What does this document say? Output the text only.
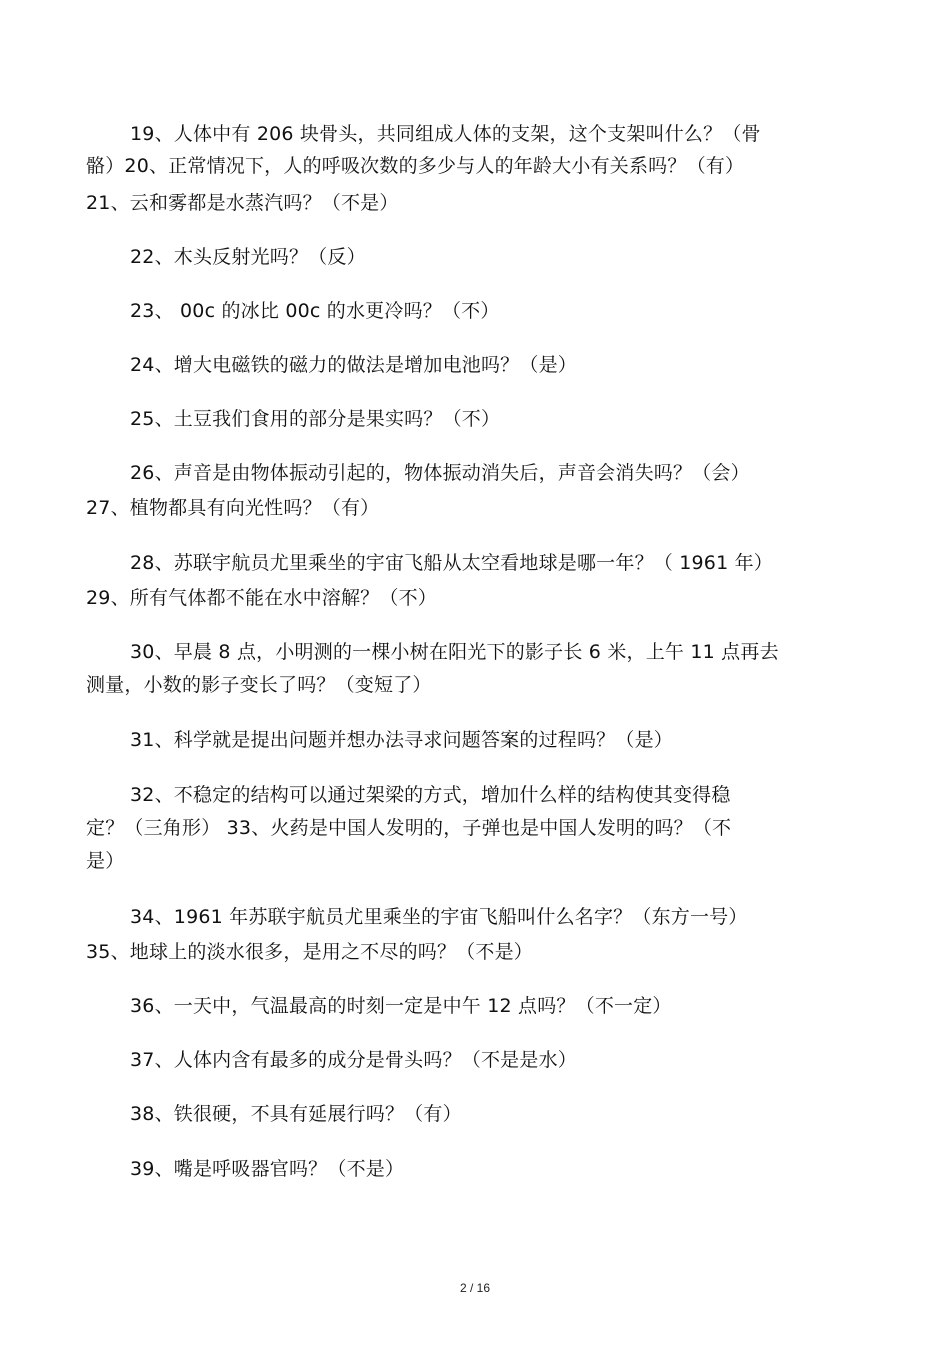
19、人体中有 206 块骨头，共同组成人体的支架，这个支架叫什么？（骨
骼）20、正常情况下，人的呼吸次数的多少与人的年龄大小有关系吗？（有）
21、云和雾都是水蒸汽吗？（不是）
22、木头反射光吗？（反）
23、 00c 的冰比 00c 的水更冷吗？（不）
24、增大电磁铁的磁力的做法是增加电池吗？（是）
25、土豆我们食用的部分是果实吗？（不）
26、声音是由物体振动引起的，物体振动消失后，声音会消失吗？（会）
27、植物都具有向光性吗？（有）
28、苏联宇航员尤里乘坐的宇宙飞船从太空看地球是哪一年？（ 1961 年）
29、所有气体都不能在水中溶解？（不）
30、早晨 8 点，小明测的一棵小树在阳光下的影子长 6 米，上午 11 点再去
测量，小数的影子变长了吗？（变短了）
31、科学就是提出问题并想办法寻求问题答案的过程吗？（是）
32、不稳定的结构可以通过架梁的方式，增加什么样的结构使其变得稳
定？（三角形） 33、火药是中国人发明的，子弹也是中国人发明的吗？（不
是）
34、1961 年苏联宇航员尤里乘坐的宇宙飞船叫什么名字？（东方一号）
35、地球上的淡水很多，是用之不尽的吗？（不是）
36、一天中，气温最高的时刻一定是中午 12 点吗？（不一定）
37、人体内含有最多的成分是骨头吗？（不是是水）
38、铁很硬，不具有延展行吗？（有）
39、嘴是呼吸器官吗？（不是）
2 / 16
